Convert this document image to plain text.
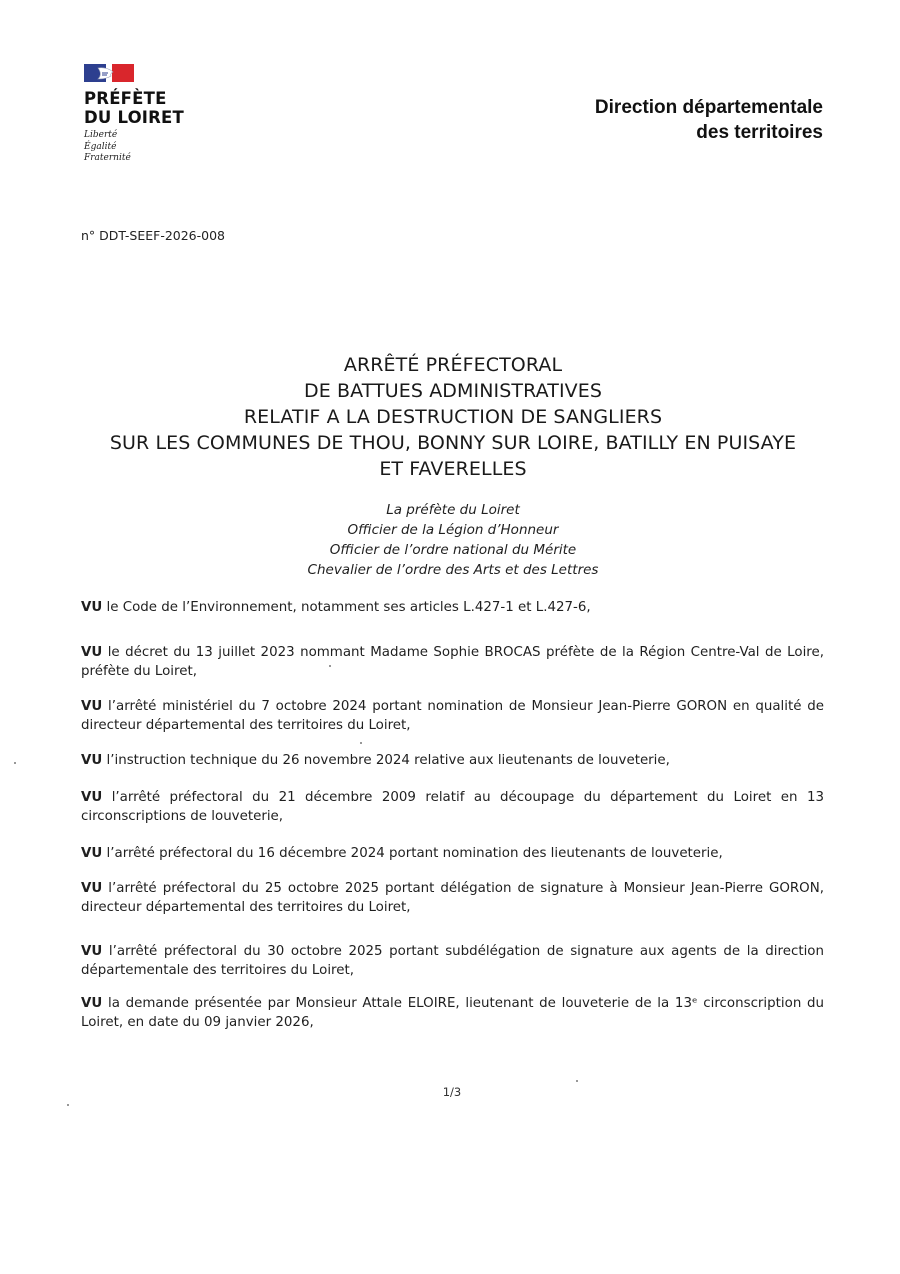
PRÉFÈTE
DU LOIRET
Liberté
Égalité
Fraternité
Direction départementale
des territoires
n° DDT-SEEF-2026-008
ARRÊTÉ PRÉFECTORAL
DE BATTUES ADMINISTRATIVES
RELATIF A LA DESTRUCTION DE SANGLIERS
SUR LES COMMUNES DE THOU, BONNY SUR LOIRE, BATILLY EN PUISAYE
ET FAVERELLES
La préfète du Loiret
Officier de la Légion d’Honneur
Officier de l’ordre national du Mérite
Chevalier de l’ordre des Arts et des Lettres
VU le Code de l’Environnement, notamment ses articles L.427-1 et L.427-6,
VU le décret du 13 juillet 2023 nommant Madame Sophie BROCAS préfète de la Région Centre-Val de Loire, préfète du Loiret,
VU l’arrêté ministériel du 7 octobre 2024 portant nomination de Monsieur Jean-Pierre GORON en qualité de directeur départemental des territoires du Loiret,
VU l’instruction technique du 26 novembre 2024 relative aux lieutenants de louveterie,
VU l’arrêté préfectoral du 21 décembre 2009 relatif au découpage du département du Loiret en 13 circonscriptions de louveterie,
VU l’arrêté préfectoral du 16 décembre 2024 portant nomination des lieutenants de louveterie,
VU l’arrêté préfectoral du 25 octobre 2025 portant délégation de signature à Monsieur Jean-Pierre GORON, directeur départemental des territoires du Loiret,
VU l’arrêté préfectoral du 30 octobre 2025 portant subdélégation de signature aux agents de la direction départementale des territoires du Loiret,
VU la demande présentée par Monsieur Attale ELOIRE, lieutenant de louveterie de la 13ᵉ circonscription du Loiret, en date du 09 janvier 2026,
1/3
